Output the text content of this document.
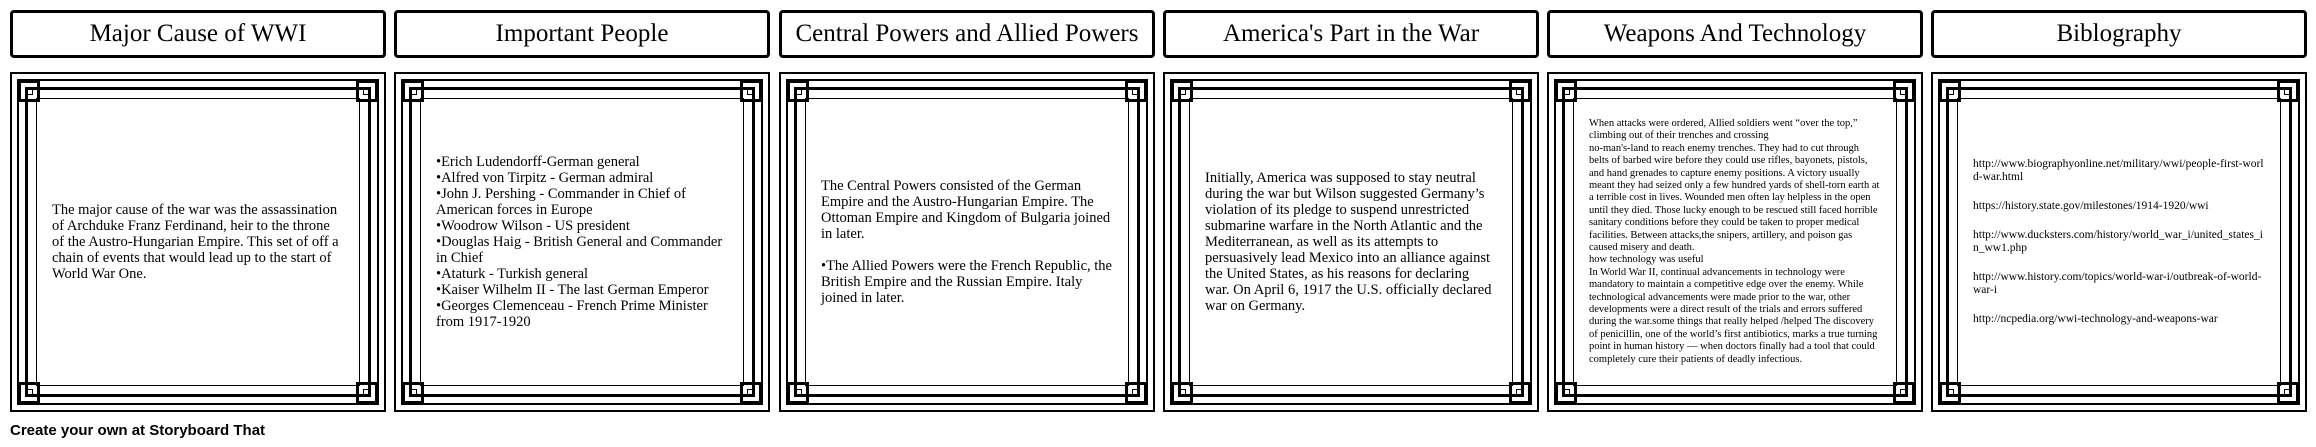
Major Cause of WWI

The major cause of the war was the assassination of Archduke Franz Ferdinand, heir to the throne of the Austro-Hungarian Empire. This set of off a chain of events that would lead up to the start of World War One.

Important People

•Erich Ludendorff-German general
•Alfred von Tirpitz - German admiral
•John J. Pershing - Commander in Chief of American forces in Europe
•Woodrow Wilson - US president
•Douglas Haig - British General and Commander in Chief
•Ataturk - Turkish general
•Kaiser Wilhelm II - The last German Emperor
•Georges Clemenceau - French Prime Minister from 1917-1920

Central Powers and Allied Powers

The Central Powers consisted of the German Empire and the Austro-Hungarian Empire. The Ottoman Empire and Kingdom of Bulgaria joined in later.

•The Allied Powers were the French Republic, the British Empire and the Russian Empire. Italy joined in later.

America's Part in the War

Initially, America was supposed to stay neutral during the war but Wilson suggested Germany’s violation of its pledge to suspend unrestricted submarine warfare in the North Atlantic and the Mediterranean, as well as its attempts to persuasively lead Mexico into an alliance against the United States, as his reasons for declaring war. On April 6, 1917 the U.S. officially declared war on Germany.

Weapons And Technology

When attacks were ordered, Allied soldiers went “over the top,” climbing out of their trenches and crossing
no-man's-land to reach enemy trenches. They had to cut through belts of barbed wire before they could use rifles, bayonets, pistols, and hand grenades to capture enemy positions. A victory usually meant they had seized only a few hundred yards of shell-torn earth at a terrible cost in lives. Wounded men often lay helpless in the open until they died. Those lucky enough to be rescued still faced horrible sanitary conditions before they could be taken to proper medical facilities. Between attacks,the snipers, artillery, and poison gas caused misery and death.
how technology was useful
In World War II, continual advancements in technology were mandatory to maintain a competitive edge over the enemy. While technological advancements were made prior to the war, other developments were a direct result of the trials and errors suffered during the war.some things that really helped /helped The discovery of penicillin, one of the world’s first antibiotics, marks a true turning point in human history — when doctors finally had a tool that could completely cure their patients of deadly infectious.

Biblography

http://www.biographyonline.net/military/wwi/people-first-world-war.html

https://history.state.gov/milestones/1914-1920/wwi

http://www.ducksters.com/history/world_war_i/united_states_in_ww1.php

http://www.history.com/topics/world-war-i/outbreak-of-world-war-i

http://ncpedia.org/wwi-technology-and-weapons-war

Create your own at Storyboard That
